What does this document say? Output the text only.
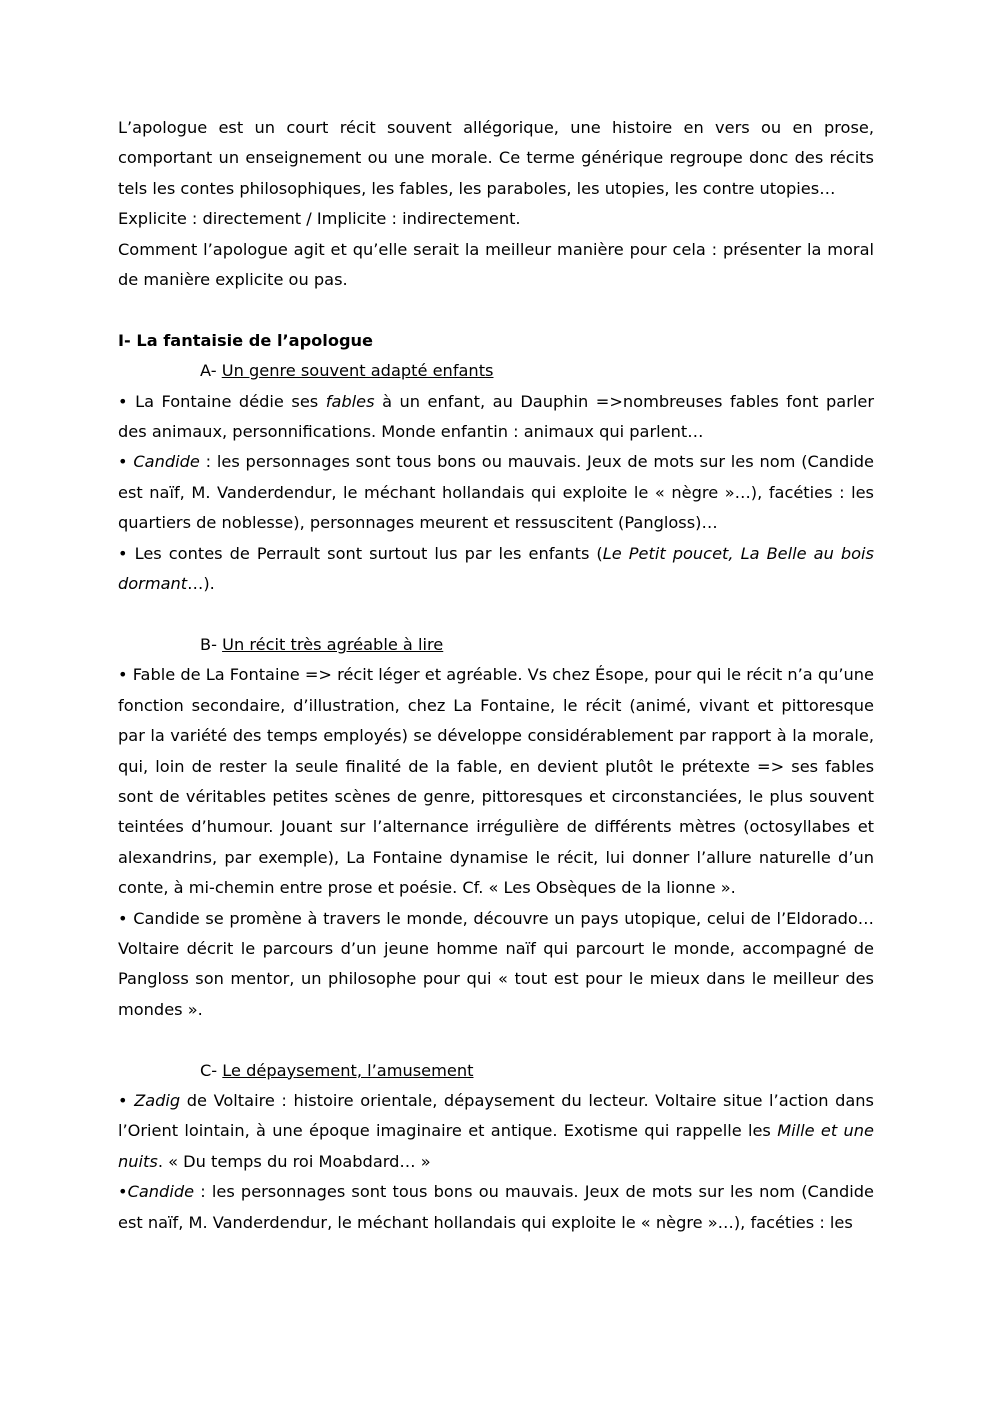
L’apologue est un court récit souvent allégorique, une histoire en vers ou en prose, comportant un enseignement ou une morale. Ce terme générique regroupe donc des récits tels les contes philosophiques, les fables, les paraboles, les utopies, les contre utopies…

Explicite : directement / Implicite : indirectement.

Comment l’apologue agit et qu’elle serait la meilleur manière pour cela : présenter la moral de manière explicite ou pas.

I- La fantaisie de l’apologue

A- Un genre souvent adapté enfants

• La Fontaine dédie ses fables à un enfant, au Dauphin =>nombreuses fables font parler des animaux, personnifications. Monde enfantin : animaux qui parlent…

• Candide : les personnages sont tous bons ou mauvais. Jeux de mots sur les nom (Candide est naïf, M. Vanderdendur, le méchant hollandais qui exploite le « nègre »…), facéties : les quartiers de noblesse), personnages meurent et ressuscitent (Pangloss)…

• Les contes de Perrault sont surtout lus par les enfants (Le Petit poucet, La Belle au bois dormant…).

B- Un récit très agréable à lire

• Fable de La Fontaine => récit léger et agréable. Vs chez Ésope, pour qui le récit n’a qu’une fonction secondaire, d’illustration, chez La Fontaine, le récit (animé, vivant et pittoresque par la variété des temps employés) se développe considérablement par rapport à la morale, qui, loin de rester la seule finalité de la fable, en devient plutôt le prétexte => ses fables sont de véritables petites scènes de genre, pittoresques et circonstanciées, le plus souvent teintées d’humour. Jouant sur l’alternance irrégulière de différents mètres (octosyllabes et alexandrins, par exemple), La Fontaine dynamise le récit, lui donner l’allure naturelle d’un conte, à mi-chemin entre prose et poésie. Cf. « Les Obsèques de la lionne ».

• Candide se promène à travers le monde, découvre un pays utopique, celui de l’Eldorado… Voltaire décrit le parcours d’un jeune homme naïf qui parcourt le monde, accompagné de Pangloss son mentor, un philosophe pour qui « tout est pour le mieux dans le meilleur des mondes ».

C- Le dépaysement, l’amusement

• Zadig de Voltaire : histoire orientale, dépaysement du lecteur. Voltaire situe l’action dans l’Orient lointain, à une époque imaginaire et antique. Exotisme qui rappelle les Mille et une nuits. « Du temps du roi Moabdard… »

•Candide : les personnages sont tous bons ou mauvais. Jeux de mots sur les nom (Candide est naïf, M. Vanderdendur, le méchant hollandais qui exploite le « nègre »…), facéties : les
